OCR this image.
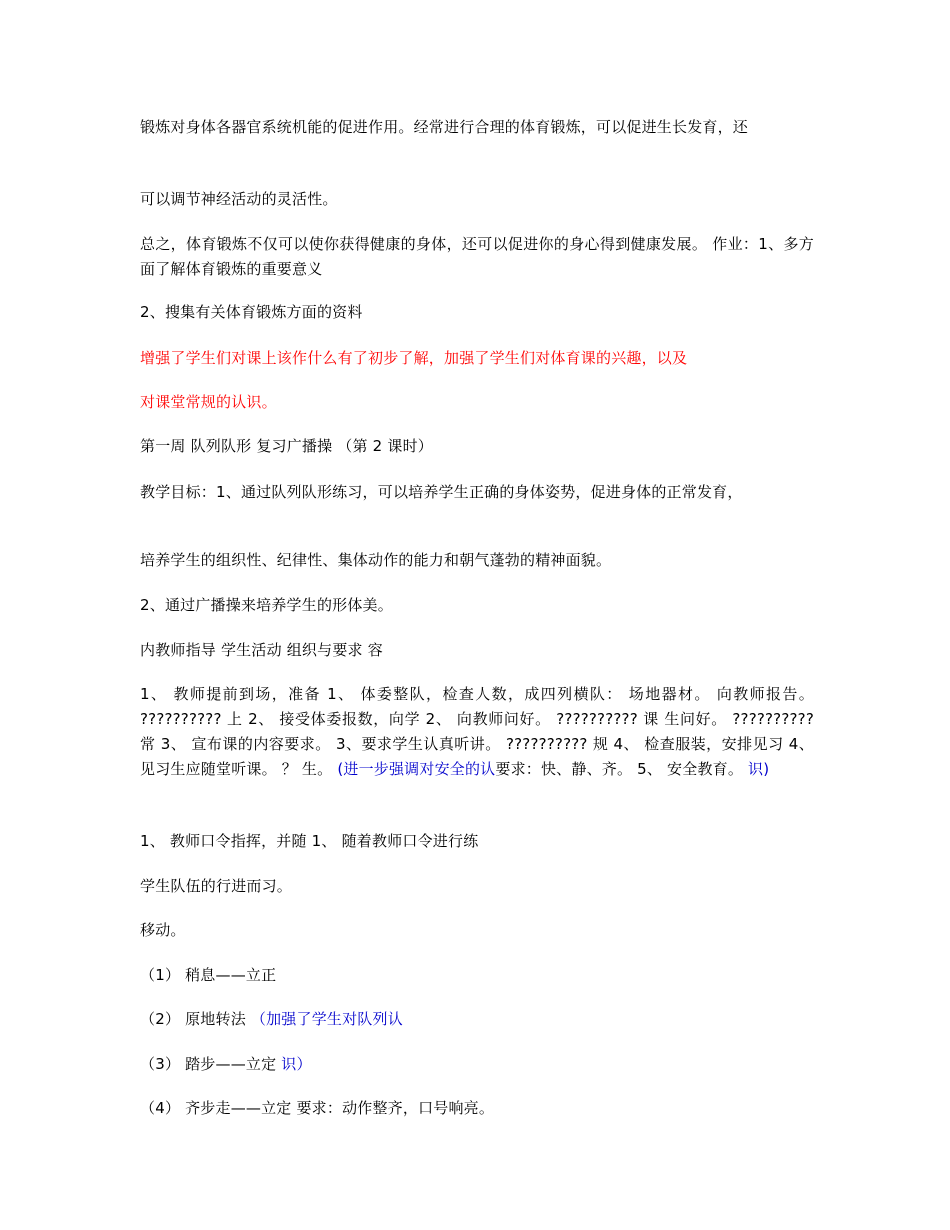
锻炼对身体各器官系统机能的促进作用。经常进行合理的体育锻炼，可以促进生长发育，还

可以调节神经活动的灵活性。

总之，体育锻炼不仅可以使你获得健康的身体，还可以促进你的身心得到健康发展。 作业：1、多方面了解体育锻炼的重要意义

2、搜集有关体育锻炼方面的资料

增强了学生们对课上该作什么有了初步了解，加强了学生们对体育课的兴趣，以及

对课堂常规的认识。

第一周 队列队形 复习广播操 （第 2 课时）

教学目标：1、通过队列队形练习，可以培养学生正确的身体姿势，促进身体的正常发育，

培养学生的组织性、纪律性、集体动作的能力和朝气蓬勃的精神面貌。

2、通过广播操来培养学生的形体美。

内教师指导 学生活动 组织与要求 容

1、 教师提前到场，准备 1、 体委整队，检查人数，成四列横队： 场地器材。 向教师报告。 ?????????? 上 2、 接受体委报数，向学 2、 向教师问好。 ?????????? 课 生问好。 ?????????? 常 3、 宣布课的内容要求。 3、要求学生认真听讲。 ?????????? 规 4、 检查服装，安排见习 4、见习生应随堂听课。 ？ 生。 (进一步强调对安全的认要求：快、静、齐。 5、 安全教育。 识)

1、 教师口令指挥，并随 1、 随着教师口令进行练

学生队伍的行进而习。

移动。

（1） 稍息——立正

（2） 原地转法 （加强了学生对队列认

（3） 踏步——立定 识）

（4） 齐步走——立定 要求：动作整齐，口号响亮。
